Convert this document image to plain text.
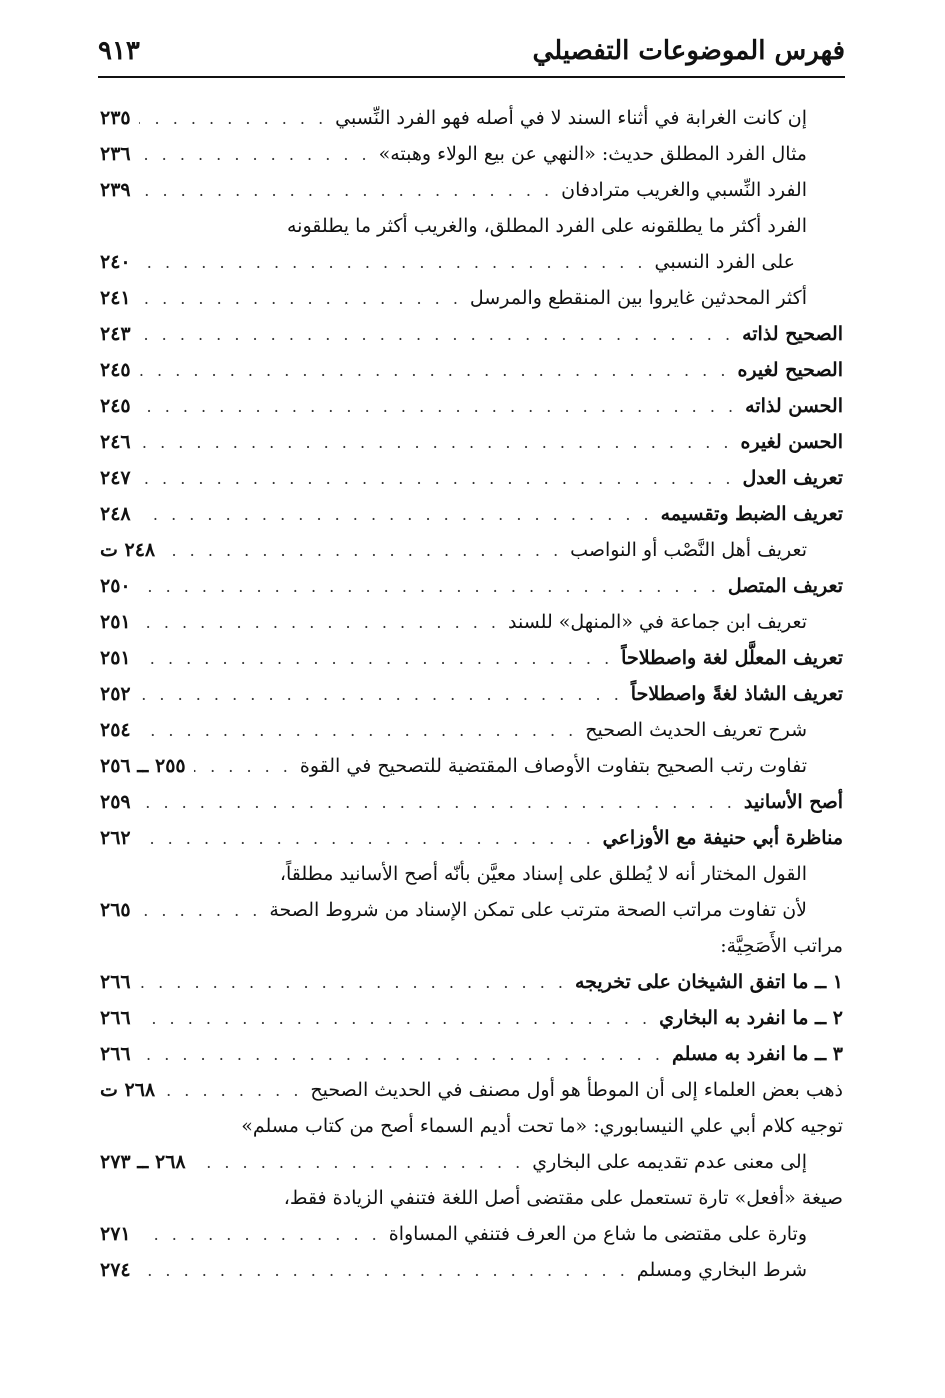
فهرس الموضوعات التفصيلي
٩١٣
إن كانت الغرابة في أثناء السند لا في أصله فهو الفرد النِّسبي
. . .
٢٣٥
مثال الفرد المطلق حديث: «النهي عن بيع الولاء وهبته»
. . .
٢٣٦
الفرد النِّسبي والغريب مترادفان
. . .
٢٣٩
الفرد أكثر ما يطلقونه على الفرد المطلق، والغريب أكثر ما يطلقونه
على الفرد النسبي
. . .
٢٤٠
أكثر المحدثين غايروا بين المنقطع والمرسل
. . .
٢٤١
الصحيح لذاته
. . .
٢٤٣
الصحيح لغيره
. . .
٢٤٥
الحسن لذاته
. . .
٢٤٥
الحسن لغيره
. . .
٢٤٦
تعريف العدل
. . .
٢٤٧
تعريف الضبط وتقسيمه
. . .
٢٤٨
تعريف أهل النَّصْب أو النواصب
. . .
٢٤٨ ت
تعريف المتصل
. . .
٢٥٠
تعريف ابن جماعة في «المنهل» للسند
. . .
٢٥١
تعريف المعلَّل لغة واصطلاحاً
. . .
٢٥١
تعريف الشاذ لغةً واصطلاحاً
. . .
٢٥٢
شرح تعريف الحديث الصحيح
. . .
٢٥٤
تفاوت رتب الصحيح بتفاوت الأوصاف المقتضية للتصحيح في القوة
. . .
٢٥٥ ــ ٢٥٦
أصح الأسانيد
. . .
٢٥٩
مناظرة أبي حنيفة مع الأوزاعي
. . .
٢٦٢
القول المختار أنه لا يُطلق على إسناد معيَّن بأنّه أصح الأسانيد مطلقاً،
لأن تفاوت مراتب الصحة مترتب على تمكن الإسناد من شروط الصحة
. . .
٢٦٥
مراتب الأَصَحِيَّة:
١ ــ ما اتفق الشيخان على تخريجه
. . .
٢٦٦
٢ ــ ما انفرد به البخاري
. . .
٢٦٦
٣ ــ ما انفرد به مسلم
. . .
٢٦٦
ذهب بعض العلماء إلى أن الموطأ هو أول مصنف في الحديث الصحيح
. . .
٢٦٨ ت
توجيه كلام أبي علي النيسابوري: «ما تحت أديم السماء أصح من كتاب مسلم»
إلى معنى عدم تقديمه على البخاري
. . .
٢٦٨ ــ ٢٧٣
صيغة «أفعل» تارة تستعمل على مقتضى أصل اللغة فتنفي الزيادة فقط،
وتارة على مقتضى ما شاع من العرف فتنفي المساواة
. . .
٢٧١
شرط البخاري ومسلم
. . .
٢٧٤
